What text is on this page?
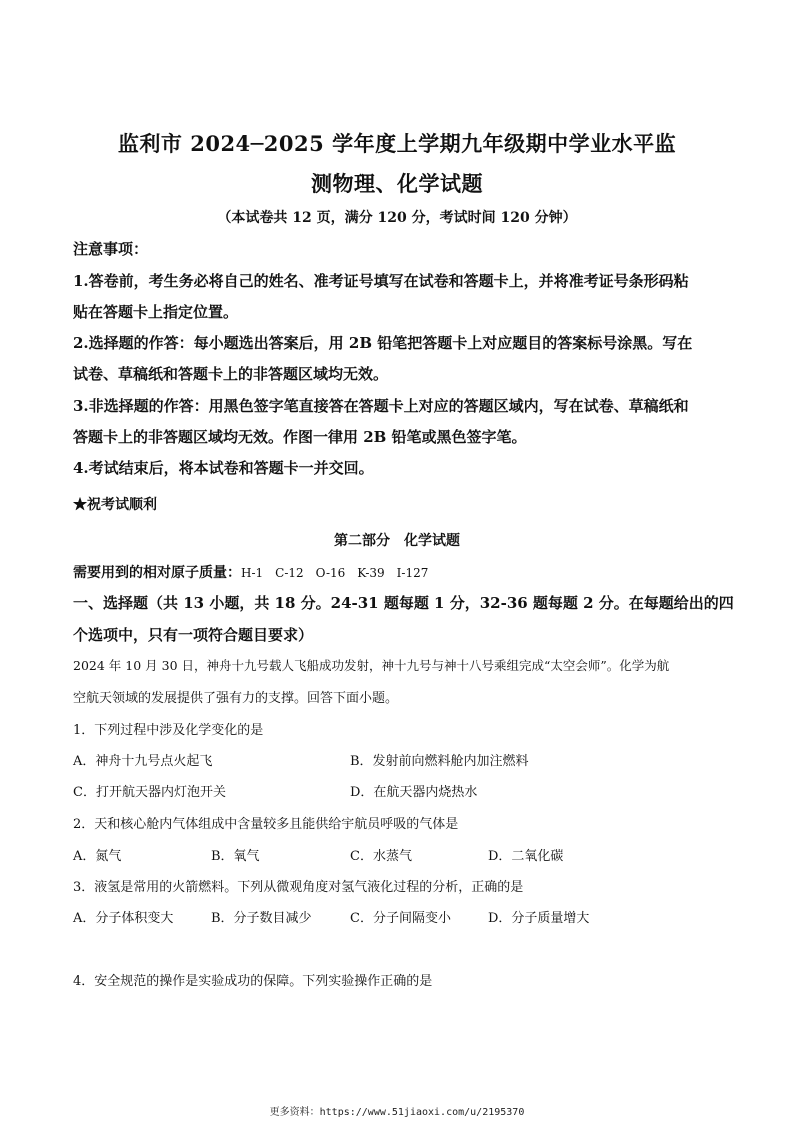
监利市 2024─2025 学年度上学期九年级期中学业水平监
测物理、化学试题
（本试卷共 12 页，满分 120 分，考试时间 120 分钟）
注意事项：
1.答卷前，考生务必将自己的姓名、准考证号填写在试卷和答题卡上，并将准考证号条形码粘
贴在答题卡上指定位置。
2.选择题的作答：每小题选出答案后，用 2B 铅笔把答题卡上对应题目的答案标号涂黑。写在
试卷、草稿纸和答题卡上的非答题区域均无效。
3.非选择题的作答：用黑色签字笔直接答在答题卡上对应的答题区域内，写在试卷、草稿纸和
答题卡上的非答题区域均无效。作图一律用 2B 铅笔或黑色签字笔。
4.考试结束后，将本试卷和答题卡一并交回。
★祝考试顺利
第二部分　化学试题
需要用到的相对原子质量：H-1　C-12　O-16　K-39　I-127
一、选择题（共 13 小题，共 18 分。24-31 题每题 1 分，32-36 题每题 2 分。在每题给出的四
个选项中，只有一项符合题目要求）
2024 年 10 月 30 日，神舟十九号载人飞船成功发射，神十九号与神十八号乘组完成“太空会师”。化学为航
空航天领域的发展提供了强有力的支撑。回答下面小题。
1．下列过程中涉及化学变化的是
A．神舟十九号点火起飞	B．发射前向燃料舱内加注燃料
C．打开航天器内灯泡开关	D．在航天器内烧热水
2．天和核心舱内气体组成中含量较多且能供给宇航员呼吸的气体是
A．氮气	B．氧气	C．水蒸气	D．二氧化碳
3．液氢是常用的火箭燃料。下列从微观角度对氢气液化过程的分析，正确的是
A．分子体积变大	B．分子数目减少	C．分子间隔变小	D．分子质量增大
4．安全规范的操作是实验成功的保障。下列实验操作正确的是
更多资料：https://www.51jiaoxi.com/u/2195370
